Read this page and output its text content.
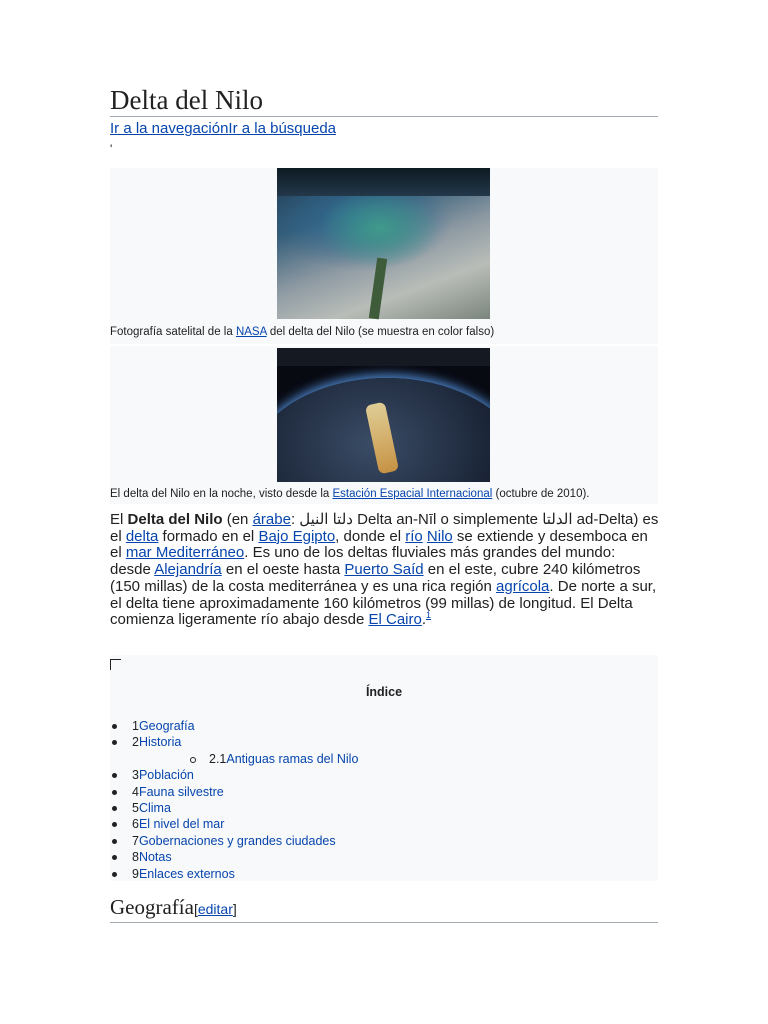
Delta del Nilo
Ir a la navegaciónIr a la búsqueda
'
Fotografía satelital de la NASA del delta del Nilo (se muestra en color falso)
El delta del Nilo en la noche, visto desde la Estación Espacial Internacional (octubre de 2010).

El Delta del Nilo (en árabe: دلتا النيل Delta an-Nīl o simplemente الدلتا ad-Delta) es el delta formado en el Bajo Egipto, donde el río Nilo se extiende y desemboca en el mar Mediterráneo. Es uno de los deltas fluviales más grandes del mundo: desde Alejandría en el oeste hasta Puerto Saíd en el este, cubre 240 kilómetros (150 millas) de la costa mediterránea y es una rica región agrícola. De norte a sur, el delta tiene aproximadamente 160 kilómetros (99 millas) de longitud. El Delta comienza ligeramente río abajo desde El Cairo.$^1$

Índice
1Geografía
2Historia
2.1Antiguas ramas del Nilo
3Población
4Fauna silvestre
5Clima
6El nivel del mar
7Gobernaciones y grandes ciudades
8Notas
9Enlaces externos
Geografía[editar]
